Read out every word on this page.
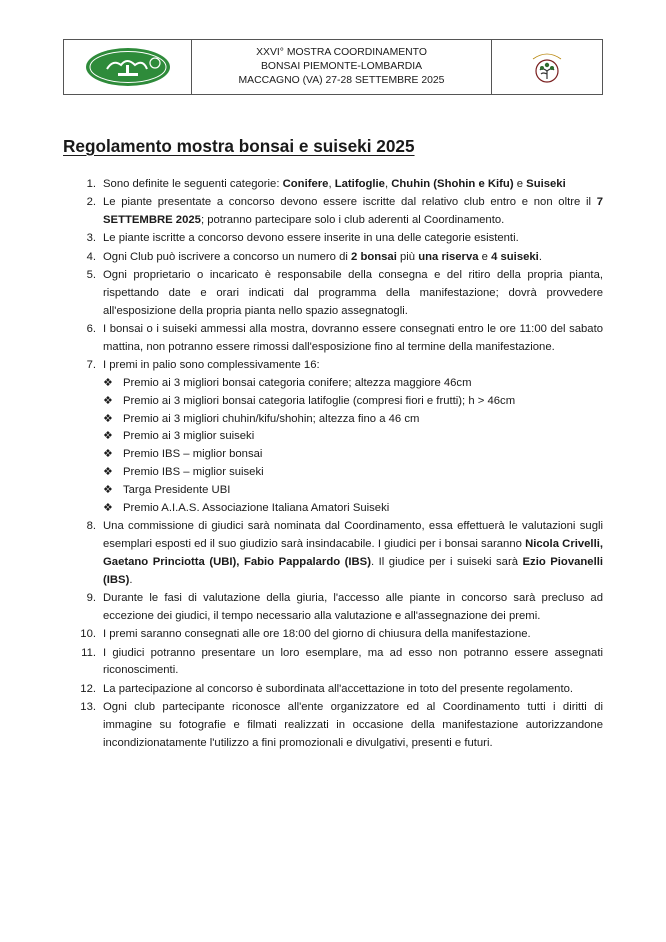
XXVI° MOSTRA COORDINAMENTO
BONSAI PIEMONTE-LOMBARDIA
MACCAGNO (VA) 27-28 SETTEMBRE 2025
Regolamento mostra bonsai e suiseki 2025
1. Sono definite le seguenti categorie: Conifere, Latifoglie, Chuhin (Shohin e Kifu) e Suiseki
2. Le piante presentate a concorso devono essere iscritte dal relativo club entro e non oltre il 7 SETTEMBRE 2025; potranno partecipare solo i club aderenti al Coordinamento.
3. Le piante iscritte a concorso devono essere inserite in una delle categorie esistenti.
4. Ogni Club può iscrivere a concorso un numero di 2 bonsai più una riserva e 4 suiseki.
5. Ogni proprietario o incaricato è responsabile della consegna e del ritiro della propria pianta, rispettando date e orari indicati dal programma della manifestazione; dovrà provvedere all'esposizione della propria pianta nello spazio assegnatogli.
6. I bonsai o i suiseki ammessi alla mostra, dovranno essere consegnati entro le ore 11:00 del sabato mattina, non potranno essere rimossi dall'esposizione fino al termine della manifestazione.
7. I premi in palio sono complessivamente 16:
❖ Premio ai 3 migliori bonsai categoria conifere; altezza maggiore 46cm
❖ Premio ai 3 migliori bonsai categoria latifoglie (compresi fiori e frutti); h > 46cm
❖ Premio ai 3 migliori chuhin/kifu/shohin; altezza fino a 46 cm
❖ Premio ai 3 miglior suiseki
❖ Premio IBS – miglior bonsai
❖ Premio IBS – miglior suiseki
❖ Targa Presidente UBI
❖ Premio A.I.A.S. Associazione Italiana Amatori Suiseki
8. Una commissione di giudici sarà nominata dal Coordinamento, essa effettuerà le valutazioni sugli esemplari esposti ed il suo giudizio sarà insindacabile. I giudici per i bonsai saranno Nicola Crivelli, Gaetano Princiotta (UBI), Fabio Pappalardo (IBS). Il giudice per i suiseki sarà Ezio Piovanelli (IBS).
9. Durante le fasi di valutazione della giuria, l'accesso alle piante in concorso sarà precluso ad eccezione dei giudici, il tempo necessario alla valutazione e all'assegnazione dei premi.
10. I premi saranno consegnati alle ore 18:00 del giorno di chiusura della manifestazione.
11. I giudici potranno presentare un loro esemplare, ma ad esso non potranno essere assegnati riconoscimenti.
12. La partecipazione al concorso è subordinata all'accettazione in toto del presente regolamento.
13. Ogni club partecipante riconosce all'ente organizzatore ed al Coordinamento tutti i diritti di immagine su fotografie e filmati realizzati in occasione della manifestazione autorizzandone incondizionatamente l'utilizzo a fini promozionali e divulgativi, presenti e futuri.
